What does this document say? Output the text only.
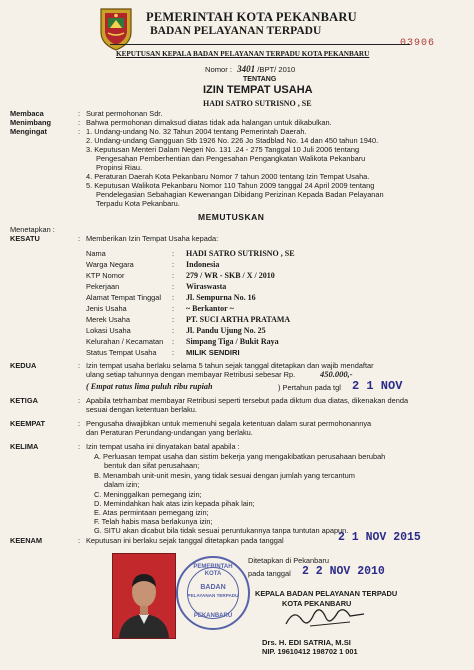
PEMERINTAH KOTA PEKANBARU
BADAN PELAYANAN TERPADU
03906
KEPUTUSAN KEPALA BADAN PELAYANAN TERPADU KOTA PEKANBARU
Nomor : 3401 /BPT/ 2010
TENTANG
IZIN TEMPAT USAHA
HADI SATRO SUTRISNO , SE
Membaca	: Surat permohonan Sdr.
Menimbang	: Bahwa permohonan dimaksud diatas tidak ada halangan untuk dikabulkan.
Mengingat	: 1. Undang-undang No. 32 Tahun 2004 tentang Pemerintah Daerah.
2. Undang-undang Gangguan Stb 1926 No. 226 Jo Stadblad No. 14 dan 450 tahun 1940.
3. Keputusan Menteri Dalam Negeri No. 131 .24 - 275 Tanggal 10 Juli 2006 tentang
Pengesahan Pemberhentian dan Pengesahan Pengangkatan Walikota Pekanbaru
Propinsi Riau.
4. Peraturan Daerah Kota Pekanbaru Nomor 7 tahun 2000 tentang Izin Tempat Usaha.
5. Keputusan Walikota Pekanbaru Nomor 110 Tahun 2009 tanggal 24 April 2009 tentang
Pendelegasian Sebahagian Kewenangan Dibidang Perizinan Kepada Badan Pelayanan
Terpadu Kota Pekanbaru.
MEMUTUSKAN
Menetapkan :
KESATU	: Memberikan Izin Tempat Usaha kepada:
Nama	: HADI SATRO SUTRISNO , SE
Warga Negara	: Indonesia
KTP Nomor	: 279 / WR - SKB / X / 2010
Pekerjaan	: Wiraswasta
Alamat Tempat Tinggal : Jl. Sempurna No. 16
Jenis Usaha	: ~ Berkantor ~
Merek Usaha	: PT. SUCI ARTHA PRATAMA
Lokasi Usaha	: Jl. Pandu Ujung No. 25
Kelurahan / Kecamatan : Simpang Tiga / Bukit Raya
Status Tempat Usaha : MILIK SENDIRI
KEDUA	: Izin tempat usaha berlaku selama 5 tahun sejak tanggal ditetapkan dan wajib mendaftar
ulang setiap tahunnya dengan membayar Retribusi sebesar Rp.	450.000,-
( Empat ratus lima puluh ribu rupiah	) Pertahun pada tgl 2 1 NOV
KETIGA	: Apabila tetrhambat membayar Retribusi seperti tersebut pada diktum dua diatas, dikenakan denda
sesuai dengan ketentuan berlaku.
KEEMPAT	: Pengusaha diwajibkan untuk memenuhi segala ketentuan dalam surat permohonannya
dan Peraturan Perundang-undangan yang berlaku.
KELIMA	: Izin tempat usaha ini dinyatakan batal apabila :
A. Perluasan tempat usaha dan sistim bekerja yang mengakibatkan perusahaan berubah
bentuk dan sifat perusahaan;
B. Menambah unit-unit mesin, yang tidak sesuai dengan jumlah yang tercantum
dalam izin;
C. Meninggalkan pemegang izin;
D. Memindahkan hak atas izin kepada pihak lain;
E. Atas permintaan pemegang izin;
F. Telah habis masa berlakunya izin;
G. SITU akan dicabut bila tidak sesuai peruntukannya tanpa tuntutan apapun.
KEENAM	: Keputusan ini berlaku sejak tanggal ditetapkan pada tanggal	2 1 NOV 2015
Ditetapkan di Pekanbaru
pada tanggal 2 2 NOV 2010
KEPALA BADAN PELAYANAN TERPADU
KOTA PEKANBARU
PEMERINTAH KOTA
BADAN
PELAYANAN TERPADU
PEKANBARU
Drs. H. EDI SATRIA, M.SI
NIP. 19610412 198702 1 001
